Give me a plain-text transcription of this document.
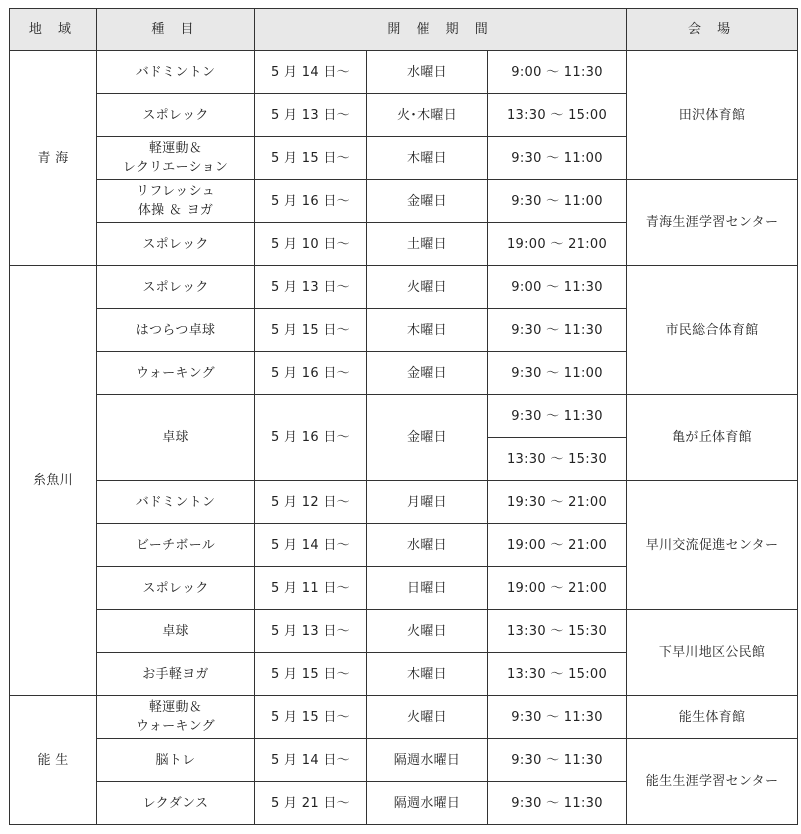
地 域	種 目	開 催 期 間			会 場
青 海	バドミントン	5 月 14 日～	水曜日	9:00 ～ 11:30	田沢体育館
	スポレック	5 月 13 日～	火･木曜日	13:30 ～ 15:00	
	軽運動＆
レクリエーション	5 月 15 日～	木曜日	9:30 ～ 11:00	
	リフレッシュ
体操 ＆ ヨガ	5 月 16 日～	金曜日	9:30 ～ 11:00	青海生涯学習センター
	スポレック	5 月 10 日～	土曜日	19:00 ～ 21:00	
糸魚川	スポレック	5 月 13 日～	火曜日	9:00 ～ 11:30	市民総合体育館
	はつらつ卓球	5 月 15 日～	木曜日	9:30 ～ 11:30	
	ウォーキング	5 月 16 日～	金曜日	9:30 ～ 11:00	
	卓球	5 月 16 日～	金曜日	9:30 ～ 11:30	亀が丘体育館
				13:30 ～ 15:30	
	バドミントン	5 月 12 日～	月曜日	19:30 ～ 21:00	早川交流促進センター
	ビーチボール	5 月 14 日～	水曜日	19:00 ～ 21:00	
	スポレック	5 月 11 日～	日曜日	19:00 ～ 21:00	
	卓球	5 月 13 日～	火曜日	13:30 ～ 15:30	下早川地区公民館
	お手軽ヨガ	5 月 15 日～	木曜日	13:30 ～ 15:00	
能 生	軽運動＆
ウォーキング	5 月 15 日～	火曜日	9:30 ～ 11:30	能生体育館
	脳トレ	5 月 14 日～	隔週水曜日	9:30 ～ 11:30	能生生涯学習センター
	レクダンス	5 月 21 日～	隔週水曜日	9:30 ～ 11:30	
